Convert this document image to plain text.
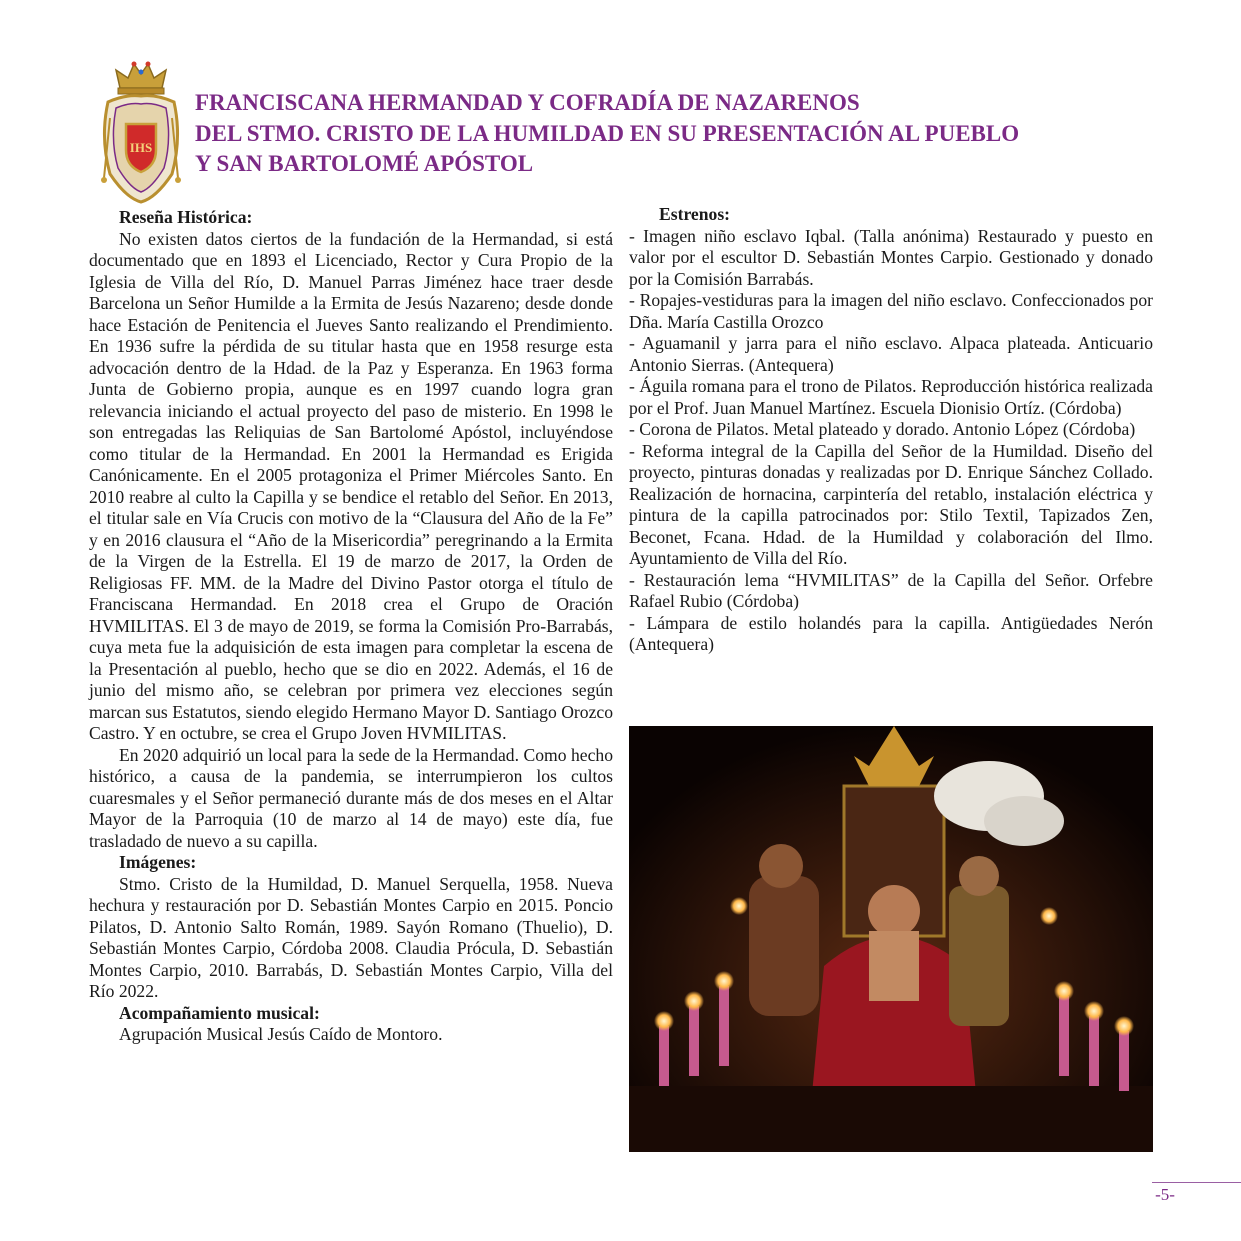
IHS
FRANCISCANA HERMANDAD Y COFRADÍA DE NAZARENOS
DEL STMO. CRISTO DE LA HUMILDAD EN SU PRESENTACIÓN AL PUEBLO
Y SAN BARTOLOMÉ APÓSTOL

Reseña Histórica:

No existen datos ciertos de la fundación de la Hermandad, si está documentado que en 1893 el Licenciado, Rector y Cura Propio de la Iglesia de Villa del Río, D. Manuel Parras Jiménez hace traer desde Barcelona un Señor Humilde a la Ermita de Jesús Nazareno; desde donde hace Estación de Penitencia el Jueves Santo realizando el Prendimiento. En 1936 sufre la pérdida de su titular hasta que en 1958 resurge esta advocación dentro de la Hdad. de la Paz y Esperanza. En 1963 forma Junta de Gobierno propia, aunque es en 1997 cuando logra gran relevancia iniciando el actual proyecto del paso de misterio. En 1998 le son entregadas las Reliquias de San Bartolomé Apóstol, incluyéndose como titular de la Hermandad. En 2001 la Hermandad es Erigida Canónicamente. En el 2005 protagoniza el Primer Miércoles Santo. En 2010 reabre al culto la Capilla y se bendice el retablo del Señor. En 2013, el titular sale en Vía Crucis con motivo de la “Clausura del Año de la Fe” y en 2016 clausura el “Año de la Misericordia” peregrinando a la Ermita de la Virgen de la Estrella. El 19 de marzo de 2017, la Orden de Religiosas FF. MM. de la Madre del Divino Pastor otorga el título de Franciscana Hermandad. En 2018 crea el Grupo de Oración HVMILITAS. El 3 de mayo de 2019, se forma la Comisión Pro-Barrabás, cuya meta fue la adquisición de esta imagen para completar la escena de la Presentación al pueblo, hecho que se dio en 2022. Además, el 16 de junio del mismo año, se celebran por primera vez elecciones según marcan sus Estatutos, siendo elegido Hermano Mayor D. Santiago Orozco Castro. Y en octubre, se crea el Grupo Joven HVMILITAS.

En 2020 adquirió un local para la sede de la Hermandad. Como hecho histórico, a causa de la pandemia, se interrumpieron los cultos cuaresmales y el Señor permaneció durante más de dos meses en el Altar Mayor de la Parroquia (10 de marzo al 14 de mayo) este día, fue trasladado de nuevo a su capilla.

Imágenes:

Stmo. Cristo de la Humildad, D. Manuel Serquella, 1958. Nueva hechura y restauración por D. Sebastián Montes Carpio en 2015. Poncio Pilatos, D. Antonio Salto Román, 1989. Sayón Romano (Thuelio), D. Sebastián Montes Carpio, Córdoba 2008. Claudia Prócula, D. Sebastián Montes Carpio, 2010. Barrabás, D. Sebastián Montes Carpio, Villa del Río 2022.

Acompañamiento musical:

Agrupación Musical Jesús Caído de Montoro.

Estrenos:

- Imagen niño esclavo Iqbal. (Talla anónima) Restaurado y puesto en valor por el escultor D. Sebastián Montes Carpio. Gestionado y donado por la Comisión Barrabás.

- Ropajes-vestiduras para la imagen del niño esclavo. Confeccionados por Dña. María Castilla Orozco

- Aguamanil y jarra para el niño esclavo. Alpaca plateada. Anticuario Antonio Sierras. (Antequera)

- Águila romana para el trono de Pilatos. Reproducción histórica realizada por el Prof. Juan Manuel Martínez. Escuela Dionisio Ortíz. (Córdoba)

- Corona de Pilatos. Metal plateado y dorado. Antonio López (Córdoba)

- Reforma integral de la Capilla del Señor de la Humildad. Diseño del proyecto, pinturas donadas y realizadas por D. Enrique Sánchez Collado. Realización de hornacina, carpintería del retablo, instalación eléctrica y pintura de la capilla patrocinados por: Stilo Textil, Tapizados Zen, Beconet, Fcana. Hdad. de la Humildad y colaboración del Ilmo. Ayuntamiento de Villa del Río.

- Restauración lema “HVMILITAS” de la Capilla del Señor. Orfebre Rafael Rubio (Córdoba)

- Lámpara de estilo holandés para la capilla. Antigüedades Nerón (Antequera)

-5-
